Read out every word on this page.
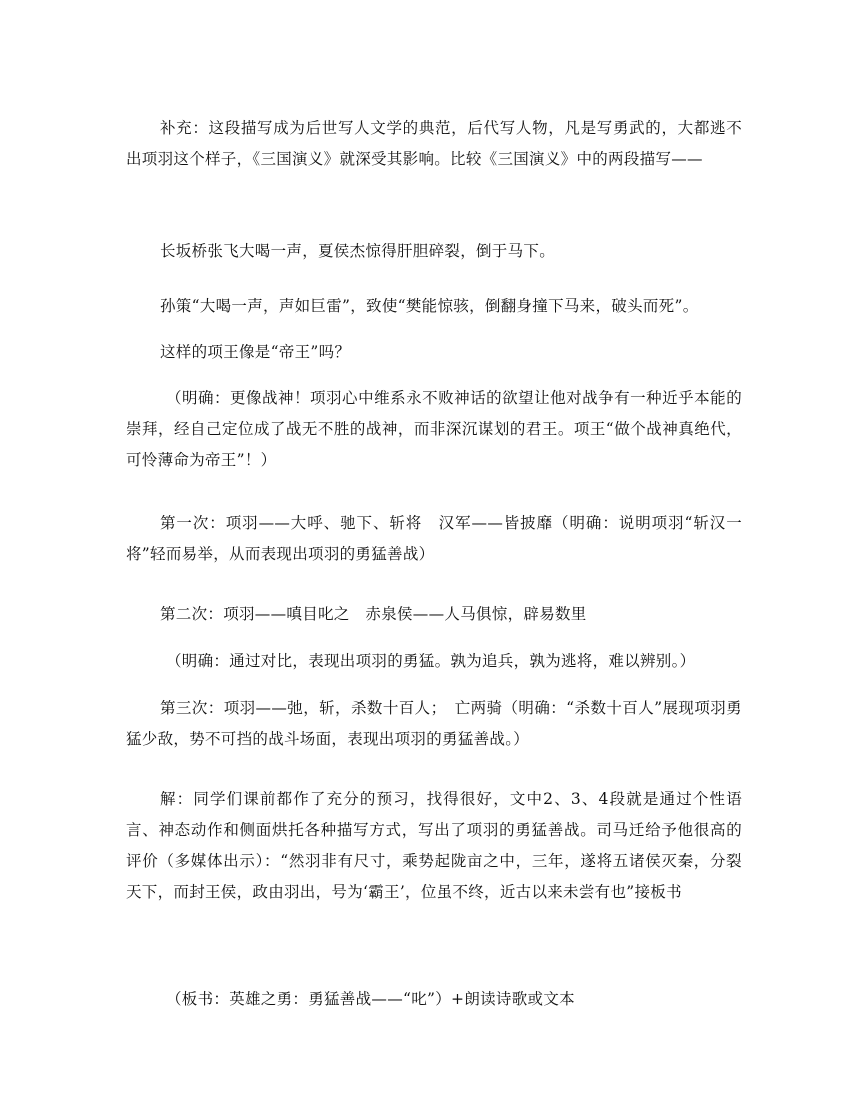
补充：这段描写成为后世写人文学的典范，后代写人物，凡是写勇武的，大都逃不出项羽这个样子，《三国演义》就深受其影响。比较《三国演义》中的两段描写——

长坂桥张飞大喝一声，夏侯杰惊得肝胆碎裂，倒于马下。

孙策“大喝一声，声如巨雷”，致使“樊能惊骇，倒翻身撞下马来，破头而死”。

这样的项王像是“帝王”吗？

（明确：更像战神！项羽心中维系永不败神话的欲望让他对战争有一种近乎本能的崇拜，经自己定位成了战无不胜的战神，而非深沉谋划的君王。项王“做个战神真绝代，可怜薄命为帝王”！）

第一次：项羽——大呼、驰下、斩将　汉军——皆披靡（明确：说明项羽“斩汉一将”轻而易举，从而表现出项羽的勇猛善战）

第二次：项羽——嗔目叱之　赤泉侯——人马俱惊，辟易数里

（明确：通过对比，表现出项羽的勇猛。孰为追兵，孰为逃将，难以辨别。）

第三次：项羽——弛，斩，杀数十百人；　亡两骑（明确：“杀数十百人”展现项羽勇猛少敌，势不可挡的战斗场面，表现出项羽的勇猛善战。）

解：同学们课前都作了充分的预习，找得很好，文中2、3、4段就是通过个性语言、神态动作和侧面烘托各种描写方式，写出了项羽的勇猛善战。司马迁给予他很高的评价（多媒体出示）：“然羽非有尺寸，乘势起陇亩之中，三年，遂将五诸侯灭秦，分裂天下，而封王侯，政由羽出，号为‘霸王’，位虽不终，近古以来未尝有也”接板书

（板书：英雄之勇：勇猛善战——“叱”）+朗读诗歌或文本
